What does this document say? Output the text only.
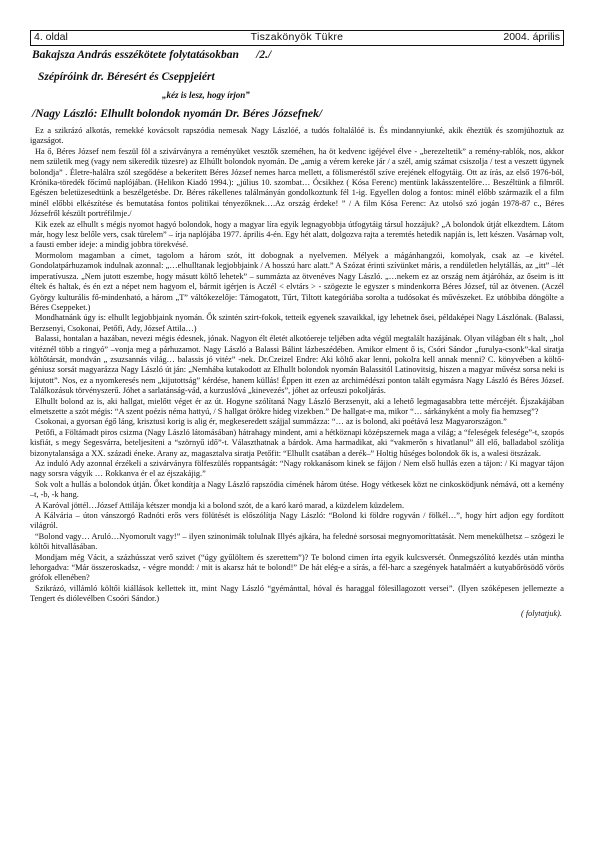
4. oldal	Tiszakönyök Tükre	2004. április
Bakajsza András esszékötete folytatásokban      /2./
Szépíróink dr. Béresért és Cseppjeiért
„kéz is lesz, hogy írjon”
/Nagy László: Elhullt bolondok nyomán Dr. Béres Józsefnek/

Ez a szikrázó alkotás, remekké kovácsolt rapszódia nemesak Nagy Lászlóé, a tudós foltalálóé is. És mindannyiunké, akik éheztük és szomjúhoztuk az igazságot.

Ha ő, Béres József nem feszül föl a szivárványra a reményüket vesztők szeméhen, ha öt kedvenc igéjével élve - „berezeltetik” a remény-rablók, nos, akkor nem születik meg (vagy nem sikeredik tüzesre) az Elhúllt bolondok nyomán. De „amig a vérem kereke jár / a szél, amig számat csiszolja / test a veszett ügynek bolondja” . Életre-halálra szól szegődése a bekerített Béres József nemes harca mellett, a fölismeréstől szíve erejének elfogytáig. Ott az írás, az első 1976-ból, Krónika-töredék főcímű naplójában. (Helikon Kiadó 1994.): „július 10. szombat… Ócsikhez ( Kósa Ferenc) mentünk lakásszentelőre… Beszéltünk a filmről. Egészen beletüzesedtünk a beszélgetésbe. Dr. Béres rákellenes találmányán gondolkoztunk fél 1-ig. Egyellen dolog a fontos: minél előbb származik el a film minél előbbi elkészítése és bemutatása fontos politikai tényezőknek….Az ország érdeke! ” / A film Kósa Ferenc: Az utolsó szó jogán 1978-87 c., Béres Józsefről készült portréfilmje./

Kik ezek az elhullt s mégis nyomot hagyó bolondok, hogy a magyar líra egyik legnagyobbja útfogytáig társul hozzájuk? „A bolondok útját elkezdtem. Látom már, hogy lesz belőle vers, csak türelem” – írja naplójába 1977. április 4-én. Egy hét alatt, dolgozva rajta a teremtés hetedik napján is, lett készen. Vasárnap volt, a fausti ember ideje: a mindig jobbra törekvésé.

Mormolom magamban a címet, tagolom a három szót, itt dobognak a nyelvemen. Mélyek a mágánhangzói, komolyak, csak az –e kivétel. Gondolatpárhuzamok indulnak azonnal: „…elhulltanak legjobbjaink / A hosszú harc alatt.” A Szózat érinti szívünket máris, a rendületlen helytállás, az „itt” –lét imperatívusza. „Nem jutott eszembe, hogy másutt költő lehetek” – summázta az ötvenéves Nagy László. „…nekem ez az ország nem átjáróház, az őseim is itt éltek és haltak, és én ezt a népet nem hagyom el, bármit igérjen is Aczél < elvtárs > - szögezte le egyszer s mindenkorra Béres József, túl az ötvenen. (Aczél György kulturális fő-mindenható, a három „T” váltókezelője: Támogatott, Tűrt, Tiltott kategóriába sorolta a tudósokat és művészeket. Ez utóbbiba döngölte a Béres Cseppeket.)

Mondhatnánk úgy is: elhullt legjobbjaink nyomán. Ők szintén szirt-fokok, tetteik egyenek szavaikkal, igy lehetnek ősei, példaképei Nagy Lászlónak. (Balassi, Berzsenyi, Csokonai, Petőfi, Ady, József Attila…)

Balassi, hontalan a hazában, nevezi mégis édesnek, jónak. Nagyon élt életét alkotóereje teljében adta végül megtalált hazájának. Olyan világban élt s halt, „hol vitéznél több a ringyó” –vonja meg a párhuzamot. Nagy László a Balassi Bálint lázbeszédében. Amikor elment ő is, Csóri Sándor „furulya-csonk”-kal siratja költőtársát, mondván „ zsuzsannás világ… balassis jó vitéz” -nek. Dr.Czeizel Endre: Aki költő akar lenni, pokolra kell annak menni? C. könyvében a költő-géniusz sorsát magyarázza Nagy László út ján: „Nemhába kutakodott az Elhullt bolondok nyomán Balassitól Latinovitsig, hiszen a magyar művész sorsa neki is kijutott”. Nos, ez a nyomkeresés nem „kijutottság” kérdése, hanem küllás! Éppen itt ezen az archimédészi ponton talált egymásra Nagy László és Béres József. Találkozásuk törvényszerű. Jóhet a sarlatánság-vád, a kurzuslóvá „kinevezés”, jóhet az orfeuszi pokoljárás.

Elhullt bolond az is, aki hallgat, mielőtt véget ér az út. Hogyne szólítaná Nagy László Berzsenyit, aki a lehető legmagasabbra tette mércéjét. Éjszakájában elmetszette a szót mégis: “A szent poézis néma hattyú, / S hallgat örökre hideg vizekben.” De hallgat-e ma, mikor “… sárkányként a moly fia hemzseg”?

Csokonai, a gyorsan égő láng, krisztusi korig is alig ér, megkeseredett szájjal summázza: “… az is bolond, aki poétává lesz Magyarországon.”

Petőfi, a Föltámadt piros csizma (Nagy László látomásában) hátrahagy mindent, ami a hétköznapi középszernek maga a világ; a “feleségek felesége”-t, szopós kisfiát, s megy Segesvárra, beteljesíteni a “szörnyű idő”-t. Választhatnak a bárdok. Ama harmadikat, aki “vakmerőn s hivatlanul” áll elő, balladabol szólítja bizonytalansága a XX. századi éneke. Arany az, magasztalva siratja Petőfit: “Elhullt csatában a derék–” Holtig hűséges bolondok ők is, a walesi ötszázak.

Az induló Ady azonnal érzékeli a szivárványra fölfeszülés roppantságát: “Nagy rokkanásom kinek se fájjon / Nem első hullás ezen a tájon: / Ki magyar tájon nagy sorsra vágyik … Rokkanva ér el az éjszakájig.”

Sok volt a hullás a bolondok útján. Őket kondítja a Nagy László rapszódia címének három ütése. Hogy vétkesek közt ne cinkosködjunk némává, ott a kemény –t, -b, -k hang.

A Karóval jöttél…József Attilája kétszer mondja ki a bolond szót, de a karó karó marad, a küzdelem küzdelem.

A Kálvária – úton vánszorgó Radnóti erős vers fölütését is előszólítja Nagy László: “Bolond ki földre rogyván / fölkél…”, hogy hírt adjon egy fordított világról.

“Bolond vagy… Aruló…Nyomorult vagy!” – ilyen szinonimák tolulnak Illyés ajkára, ha felednė sorsosai megnyomoríttatását. Nem menekülhetsz – szögezi le költői hitvallásában.

Mondjam még Vácit, a százhússzat verő szivet (“úgy gyűlöltem és szerettem”)? Te bolond cimen írta egyik kulcsversét. Önmegszólító kezdés után mintha lehorgadva: “Már összeroskadsz, - végre mondd: / mit is akarsz hát te bolond!” De hát elég-e a sírás, a fél-harc a szegények hatalmáért a kutyabőrösödő vörös grófok ellenében?

Szikrázó, villámló költői kiállások kellettek itt, mint Nagy László “gyémánttal, hóval és haraggal fölesillagozott versei”. (Ilyen szóképesen jellemezte a Tengert és diólevélben Csoóri Sándor.)

( folytatjuk).
